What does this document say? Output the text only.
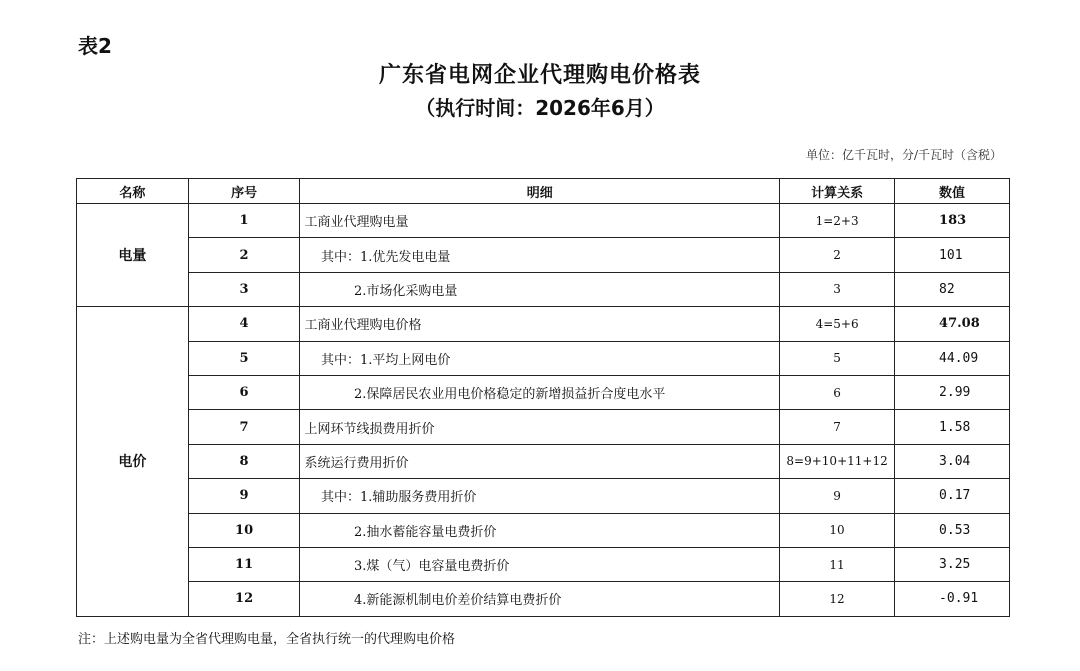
表2
广东省电网企业代理购电价格表
（执行时间：2026年6月）
单位：亿千瓦时，分/千瓦时（含税）
名称	序号	明细	计算关系	数值
电量	1	工商业代理购电量	1=2+3	183
	2	其中：1.优先发电电量	2	101
	3	2.市场化采购电量	3	82
电价	4	工商业代理购电价格	4=5+6	47.08
	5	其中：1.平均上网电价	5	44.09
	6	2.保障居民农业用电价格稳定的新增损益折合度电水平	6	2.99
	7	上网环节线损费用折价	7	1.58
	8	系统运行费用折价	8=9+10+11+12	3.04
	9	其中：1.辅助服务费用折价	9	0.17
	10	2.抽水蓄能容量电费折价	10	0.53
	11	3.煤（气）电容量电费折价	11	3.25
	12	4.新能源机制电价差价结算电费折价	12	-0.91
注：上述购电量为全省代理购电量，全省执行统一的代理购电价格
